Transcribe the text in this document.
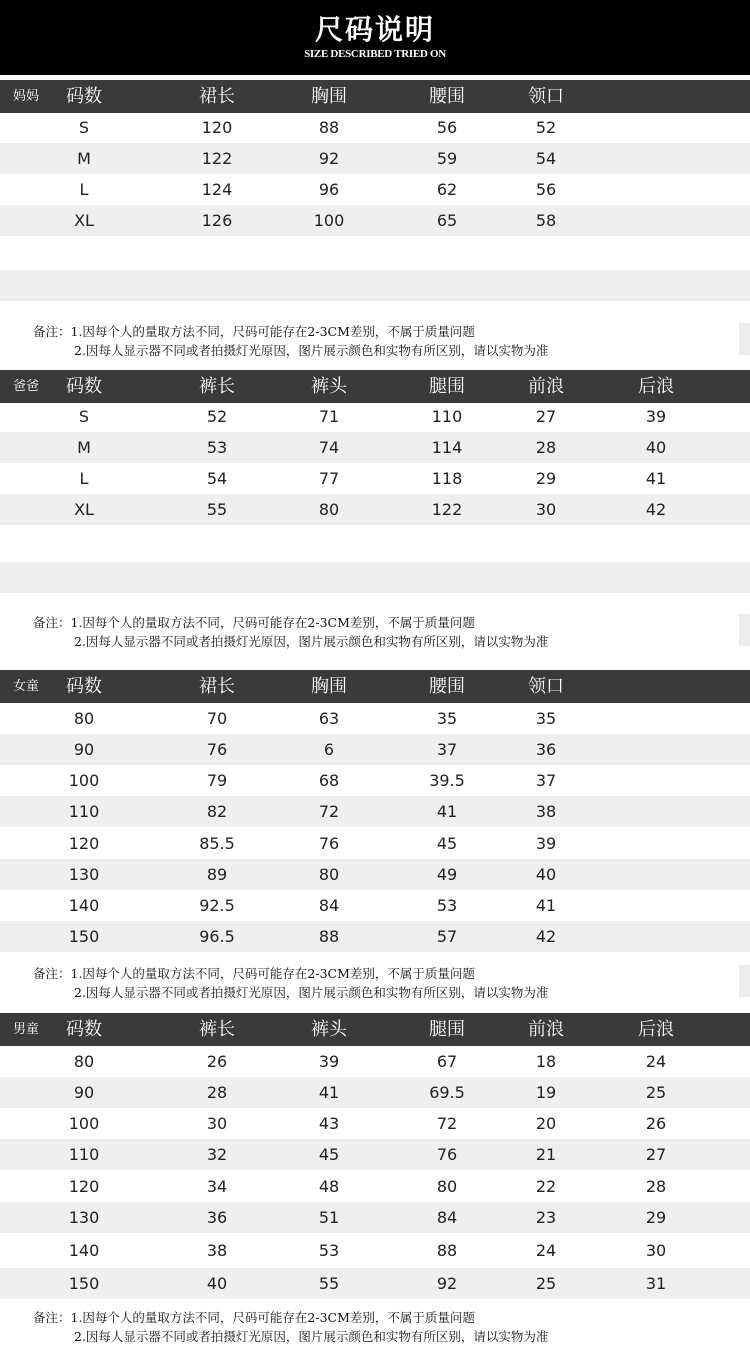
尺码说明
SIZE DESCRIBED TRIED ON
妈妈 码数	裙长	胸围	腰围	领口
S	120	88	56	52
M	122	92	59	54
L	124	96	62	56
XL	126	100	65	58
备注：1.因每个人的量取方法不同，尺码可能存在2-3CM差别，不属于质量问题
2.因每人显示器不同或者拍摄灯光原因，图片展示颜色和实物有所区别，请以实物为准
爸爸 码数	裤长	裤头	腿围	前浪	后浪
S	52	71	110	27	39
M	53	74	114	28	40
L	54	77	118	29	41
XL	55	80	122	30	42
备注：1.因每个人的量取方法不同，尺码可能存在2-3CM差别，不属于质量问题
2.因每人显示器不同或者拍摄灯光原因，图片展示颜色和实物有所区别，请以实物为准
女童 码数	裙长	胸围	腰围	领口
80	70	63	35	35
90	76	6	37	36
100	79	68	39.5	37
110	82	72	41	38
120	85.5	76	45	39
130	89	80	49	40
140	92.5	84	53	41
150	96.5	88	57	42
备注：1.因每个人的量取方法不同，尺码可能存在2-3CM差别，不属于质量问题
2.因每人显示器不同或者拍摄灯光原因，图片展示颜色和实物有所区别，请以实物为准
男童 码数	裤长	裤头	腿围	前浪	后浪
80	26	39	67	18	24
90	28	41	69.5	19	25
100	30	43	72	20	26
110	32	45	76	21	27
120	34	48	80	22	28
130	36	51	84	23	29
140	38	53	88	24	30
150	40	55	92	25	31
备注：1.因每个人的量取方法不同，尺码可能存在2-3CM差别，不属于质量问题
2.因每人显示器不同或者拍摄灯光原因，图片展示颜色和实物有所区别，请以实物为准
